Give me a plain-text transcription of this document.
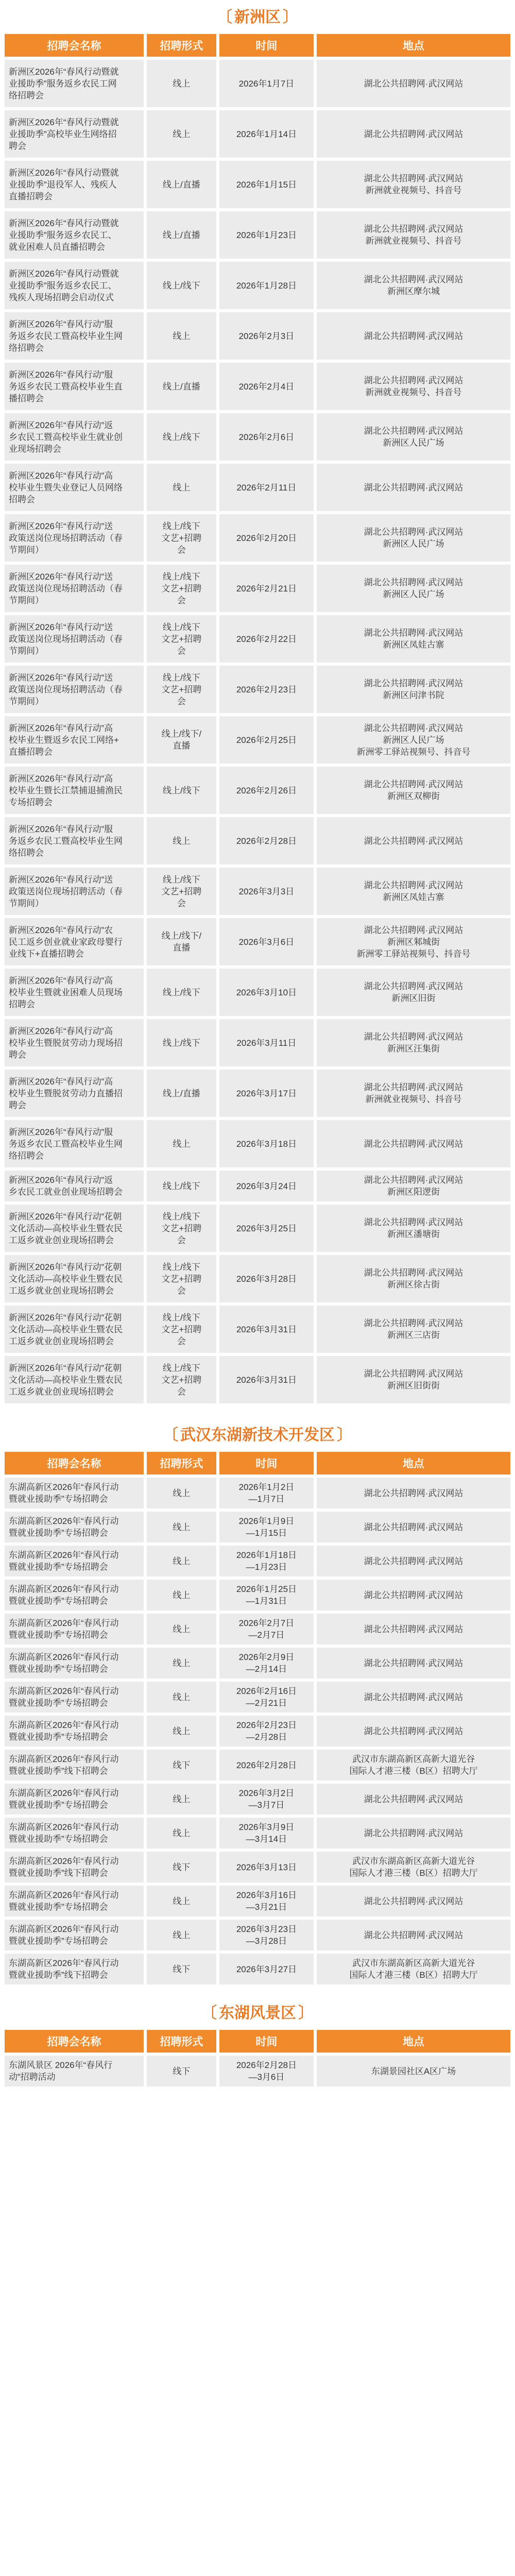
〔 新洲区 〕
招聘会名称	招聘形式	时间	地点

新洲区2026年“春风行动暨就
业援助季”服务返乡农民工网
络招聘会	线上	2026年1月7日	湖北公共招聘网·武汉网站

新洲区2026年“春风行动暨就
业援助季”高校毕业生网络招
聘会	线上	2026年1月14日	湖北公共招聘网·武汉网站

新洲区2026年“春风行动暨就
业援助季”退役军人、残疾人
直播招聘会	线上/直播	2026年1月15日	湖北公共招聘网·武汉网站
新洲就业视频号、抖音号

新洲区2026年“春风行动暨就
业援助季”服务返乡农民工、
就业困难人员直播招聘会	线上/直播	2026年1月23日	湖北公共招聘网·武汉网站
新洲就业视频号、抖音号

新洲区2026年“春风行动暨就
业援助季”服务返乡农民工、
残疾人现场招聘会启动仪式	线上/线下	2026年1月28日	湖北公共招聘网·武汉网站
新洲区摩尔城

新洲区2026年“春风行动”服
务返乡农民工暨高校毕业生网
络招聘会	线上	2026年2月3日	湖北公共招聘网·武汉网站

新洲区2026年“春风行动”服
务返乡农民工暨高校毕业生直
播招聘会	线上/直播	2026年2月4日	湖北公共招聘网·武汉网站
新洲就业视频号、抖音号

新洲区2026年“春风行动”返
乡农民工暨高校毕业生就业创
业现场招聘会	线上/线下	2026年2月6日	湖北公共招聘网·武汉网站
新洲区人民广场

新洲区2026年“春风行动”高
校毕业生暨失业登记人员网络
招聘会	线上	2026年2月11日	湖北公共招聘网·武汉网站

新洲区2026年“春风行动”送
政策送岗位现场招聘活动（春
节期间）	线上/线下
文艺+招聘
会	2026年2月20日	湖北公共招聘网·武汉网站
新洲区人民广场

新洲区2026年“春风行动”送
政策送岗位现场招聘活动（春
节期间）	线上/线下
文艺+招聘
会	2026年2月21日	湖北公共招聘网·武汉网站
新洲区人民广场

新洲区2026年“春风行动”送
政策送岗位现场招聘活动（春
节期间）	线上/线下
文艺+招聘
会	2026年2月22日	湖北公共招聘网·武汉网站
新洲区凤娃古寨

新洲区2026年“春风行动”送
政策送岗位现场招聘活动（春
节期间）	线上/线下
文艺+招聘
会	2026年2月23日	湖北公共招聘网·武汉网站
新洲区问津书院

新洲区2026年“春风行动”高
校毕业生暨返乡农民工网络+
直播招聘会	线上/线下/
直播	2026年2月25日	湖北公共招聘网·武汉网站
新洲区人民广场
新洲零工驿站视频号、抖音号

新洲区2026年“春风行动”高
校毕业生暨长江禁捕退捕渔民
专场招聘会	线上/线下	2026年2月26日	湖北公共招聘网·武汉网站
新洲区双柳街

新洲区2026年“春风行动”服
务返乡农民工暨高校毕业生网
络招聘会	线上	2026年2月28日	湖北公共招聘网·武汉网站

新洲区2026年“春风行动”送
政策送岗位现场招聘活动（春
节期间）	线上/线下
文艺+招聘
会	2026年3月3日	湖北公共招聘网·武汉网站
新洲区凤娃古寨

新洲区2026年“春风行动”农
民工返乡创业就业家政母婴行
业线下+直播招聘会	线上/线下/
直播	2026年3月6日	湖北公共招聘网·武汉网站
新洲区邾城街
新洲零工驿站视频号、抖音号

新洲区2026年“春风行动”高
校毕业生暨就业困难人员现场
招聘会	线上/线下	2026年3月10日	湖北公共招聘网·武汉网站
新洲区旧街

新洲区2026年“春风行动”高
校毕业生暨脱贫劳动力现场招
聘会	线上/线下	2026年3月11日	湖北公共招聘网·武汉网站
新洲区汪集街

新洲区2026年“春风行动”高
校毕业生暨脱贫劳动力直播招
聘会	线上/直播	2026年3月17日	湖北公共招聘网·武汉网站
新洲就业视频号、抖音号

新洲区2026年“春风行动”服
务返乡农民工暨高校毕业生网
络招聘会	线上	2026年3月18日	湖北公共招聘网·武汉网站

新洲区2026年“春风行动”返
乡农民工就业创业现场招聘会	线上/线下	2026年3月24日	湖北公共招聘网·武汉网站
新洲区阳逻街

新洲区2026年“春风行动”花朝
文化活动—高校毕业生暨农民
工返乡就业创业现场招聘会	线上/线下
文艺+招聘
会	2026年3月25日	湖北公共招聘网·武汉网站
新洲区潘塘街

新洲区2026年“春风行动”花朝
文化活动—高校毕业生暨农民
工返乡就业创业现场招聘会	线上/线下
文艺+招聘
会	2026年3月28日	湖北公共招聘网·武汉网站
新洲区徐古街

新洲区2026年“春风行动”花朝
文化活动—高校毕业生暨农民
工返乡就业创业现场招聘会	线上/线下
文艺+招聘
会	2026年3月31日	湖北公共招聘网·武汉网站
新洲区三店街

新洲区2026年“春风行动”花朝
文化活动—高校毕业生暨农民
工返乡就业创业现场招聘会	线上/线下
文艺+招聘
会	2026年3月31日	湖北公共招聘网·武汉网站
新洲区旧街街
〔 武汉东湖新技术开发区 〕
招聘会名称	招聘形式	时间	地点

东湖高新区2026年“春风行动
暨就业援助季”专场招聘会	线上	2026年1月2日
—1月7日	湖北公共招聘网·武汉网站

东湖高新区2026年“春风行动
暨就业援助季”专场招聘会	线上	2026年1月9日
—1月15日	湖北公共招聘网·武汉网站

东湖高新区2026年“春风行动
暨就业援助季”专场招聘会	线上	2026年1月18日
—1月23日	湖北公共招聘网·武汉网站

东湖高新区2026年“春风行动
暨就业援助季”专场招聘会	线上	2026年1月25日
—1月31日	湖北公共招聘网·武汉网站

东湖高新区2026年“春风行动
暨就业援助季”专场招聘会	线上	2026年2月7日
—2月7日	湖北公共招聘网·武汉网站

东湖高新区2026年“春风行动
暨就业援助季”专场招聘会	线上	2026年2月9日
—2月14日	湖北公共招聘网·武汉网站

东湖高新区2026年“春风行动
暨就业援助季”专场招聘会	线上	2026年2月16日
—2月21日	湖北公共招聘网·武汉网站

东湖高新区2026年“春风行动
暨就业援助季”专场招聘会	线上	2026年2月23日
—2月28日	湖北公共招聘网·武汉网站

东湖高新区2026年“春风行动
暨就业援助季”线下招聘会	线下	2026年2月28日	武汉市东湖高新区高新大道光谷
国际人才港三楼（B区）招聘大厅

东湖高新区2026年“春风行动
暨就业援助季”专场招聘会	线上	2026年3月2日
—3月7日	湖北公共招聘网·武汉网站

东湖高新区2026年“春风行动
暨就业援助季”专场招聘会	线上	2026年3月9日
—3月14日	湖北公共招聘网·武汉网站

东湖高新区2026年“春风行动
暨就业援助季”线下招聘会	线下	2026年3月13日	武汉市东湖高新区高新大道光谷
国际人才港三楼（B区）招聘大厅

东湖高新区2026年“春风行动
暨就业援助季”专场招聘会	线上	2026年3月16日
—3月21日	湖北公共招聘网·武汉网站

东湖高新区2026年“春风行动
暨就业援助季”专场招聘会	线上	2026年3月23日
—3月28日	湖北公共招聘网·武汉网站

东湖高新区2026年“春风行动
暨就业援助季”线下招聘会	线下	2026年3月27日	武汉市东湖高新区高新大道光谷
国际人才港三楼（B区）招聘大厅
〔 东湖风景区 〕
招聘会名称	招聘形式	时间	地点

东湖风景区 2026年“春风行
动”招聘活动	线下	2026年2月28日
—3月6日	东湖景园社区A区广场
